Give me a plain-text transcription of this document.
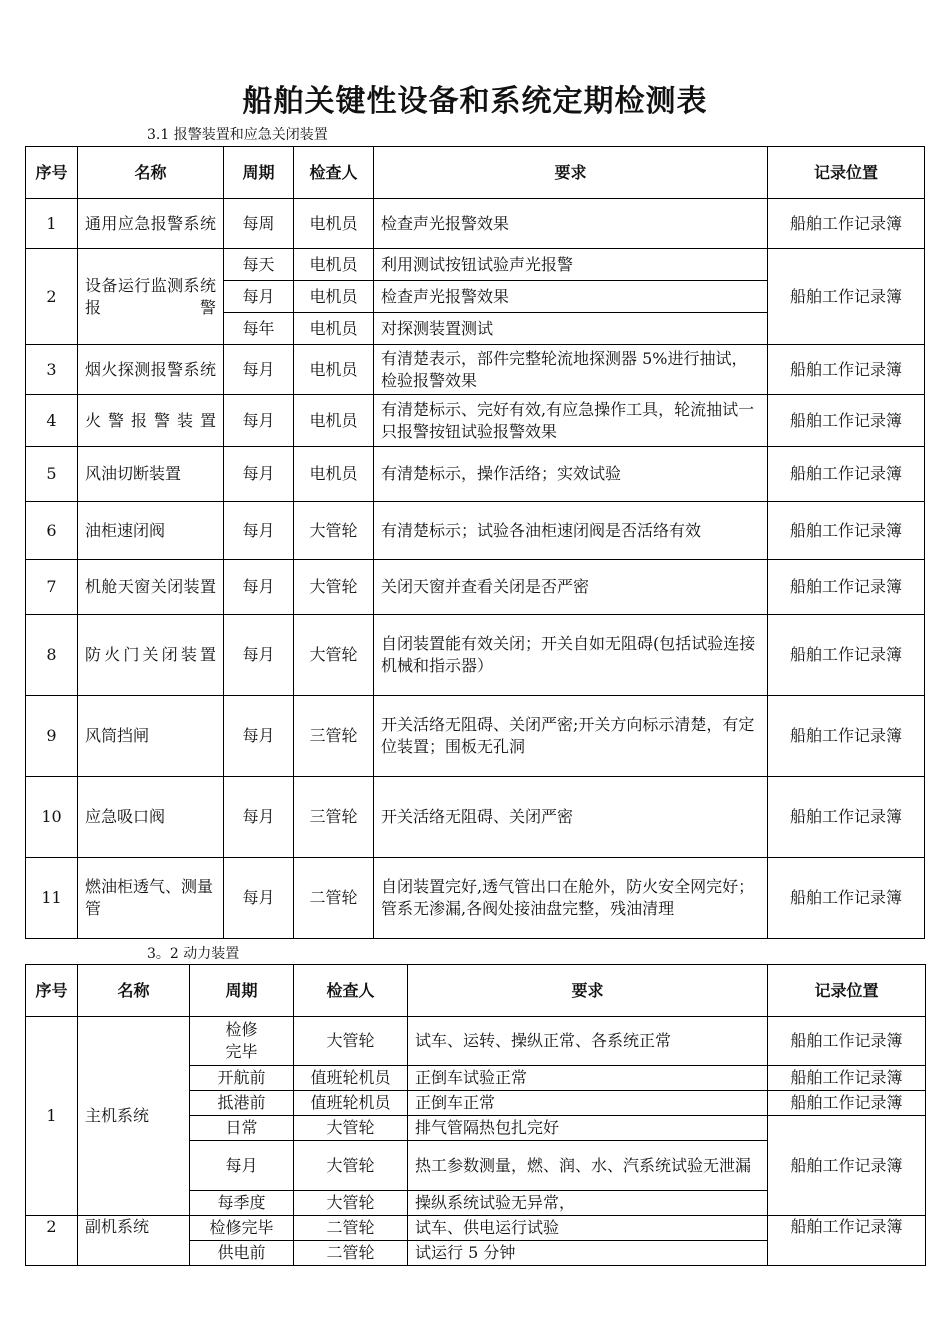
船舶关键性设备和系统定期检测表
3.1 报警装置和应急关闭装置
序号	名称	周期	检查人	要求	记录位置
1	通用应急报警系统	每周	电机员	检查声光报警效果	船舶工作记录簿
2	设备运行监测系统报警	每天	电机员	利用测试按钮试验声光报警	船舶工作记录簿
		每月	电机员	检查声光报警效果	
		每年	电机员	对探测装置测试	
3	烟火探测报警系统	每月	电机员	有清楚表示，部件完整轮流地探测器 5%进行抽试，检验报警效果	船舶工作记录簿
4	火警报警装置	每月	电机员	有清楚标示、完好有效,有应急操作工具，轮流抽试一只报警按钮试验报警效果	船舶工作记录簿
5	风油切断装置	每月	电机员	有清楚标示，操作活络；实效试验	船舶工作记录簿
6	油柜速闭阀	每月	大管轮	有清楚标示；试验各油柜速闭阀是否活络有效	船舶工作记录簿
7	机舱天窗关闭装置	每月	大管轮	关闭天窗并查看关闭是否严密	船舶工作记录簿
8	防火门关闭装置	每月	大管轮	自闭装置能有效关闭；开关自如无阻碍(包括试验连接机械和指示器）	船舶工作记录簿
9	风筒挡闸	每月	三管轮	开关活络无阻碍、关闭严密;开关方向标示清楚，有定位装置；围板无孔洞	船舶工作记录簿
10	应急吸口阀	每月	三管轮	开关活络无阻碍、关闭严密	船舶工作记录簿
11	燃油柜透气、测量管	每月	二管轮	自闭装置完好,透气管出口在舱外，防火安全网完好；管系无渗漏,各阀处接油盘完整，残油清理	船舶工作记录簿
3。2 动力装置
序号	名称	周期	检查人	要求	记录位置
1	主机系统	检修完毕	大管轮	试车、运转、操纵正常、各系统正常	船舶工作记录簿
		开航前	值班轮机员	正倒车试验正常	船舶工作记录簿
		抵港前	值班轮机员	正倒车正常	船舶工作记录簿
		日常	大管轮	排气管隔热包扎完好	船舶工作记录簿
		每月	大管轮	热工参数测量，燃、润、水、汽系统试验无泄漏	
		每季度	大管轮	操纵系统试验无异常，	
2	副机系统	检修完毕	二管轮	试车、供电运行试验	船舶工作记录簿
		供电前	二管轮	试运行 5 分钟	
